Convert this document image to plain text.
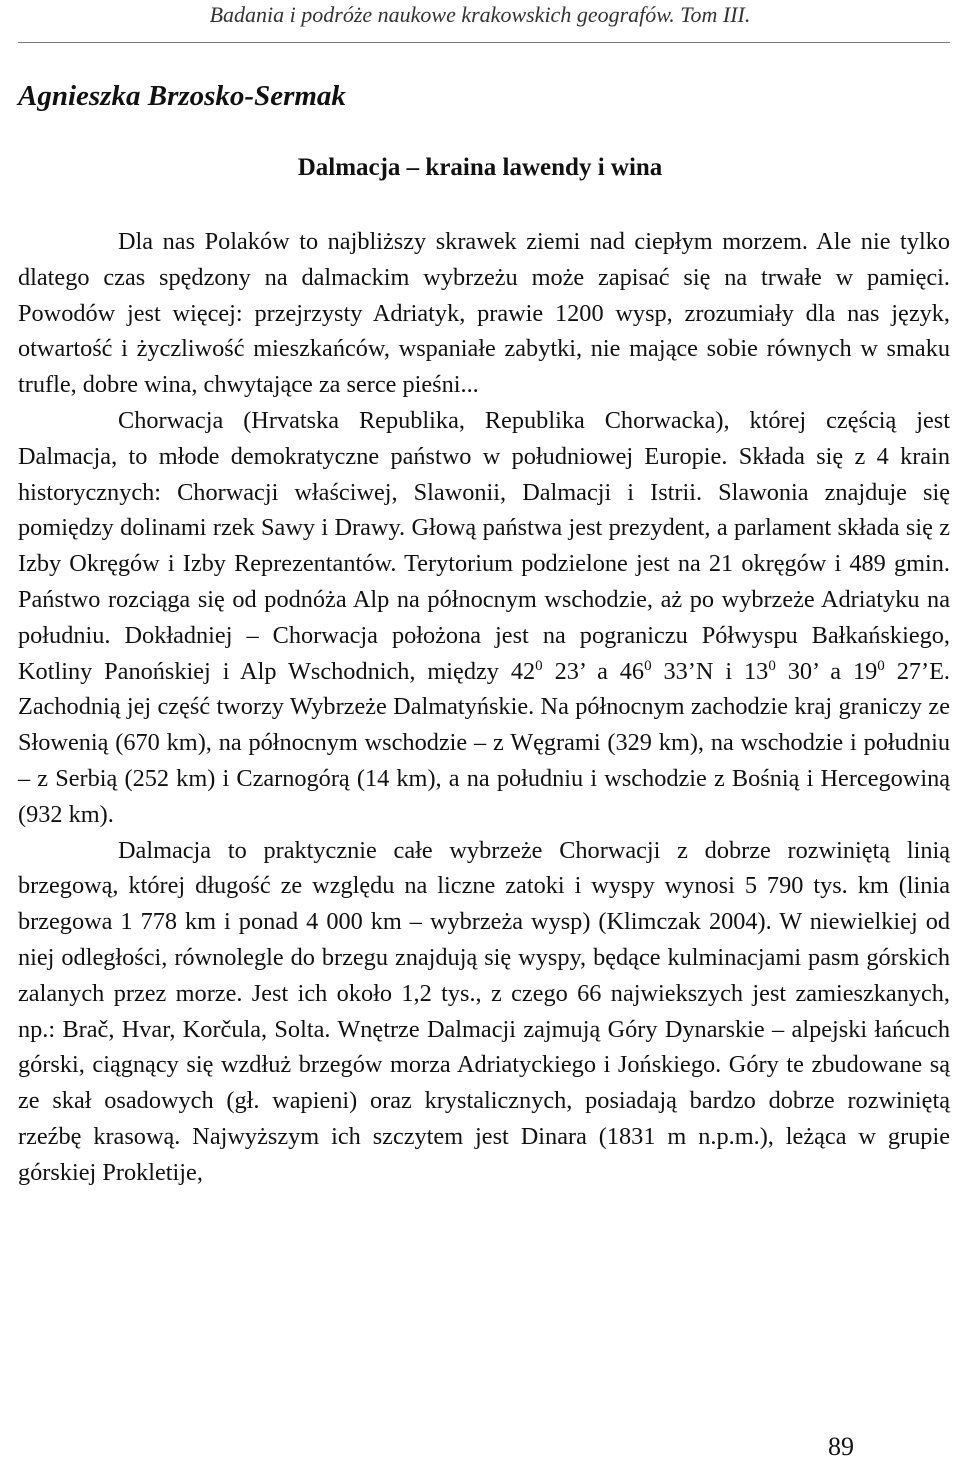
Badania i podróże naukowe krakowskich geografów. Tom III.
Agnieszka Brzosko-Sermak
Dalmacja – kraina lawendy i wina

Dla nas Polaków to najbliższy skrawek ziemi nad ciepłym morzem. Ale nie tylko dlatego czas spędzony na dalmackim wybrzeżu może zapisać się na trwałe w pamięci. Powodów jest więcej: przejrzysty Adriatyk, prawie 1200 wysp, zrozumiały dla nas język, otwartość i życzliwość mieszkańców, wspaniałe zabytki, nie mające sobie równych w smaku trufle, dobre wina, chwytające za serce pieśni...

Chorwacja (Hrvatska Republika, Republika Chorwacka), której częścią jest Dalmacja, to młode demokratyczne państwo w południowej Europie. Składa się z 4 krain historycznych: Chorwacji właściwej, Slawonii, Dalmacji i Istrii. Slawonia znajduje się pomiędzy dolinami rzek Sawy i Drawy. Głową państwa jest prezydent, a parlament składa się z Izby Okręgów i Izby Reprezentantów. Terytorium podzielone jest na 21 okręgów i 489 gmin. Państwo rozciąga się od podnóża Alp na północnym wschodzie, aż po wybrzeże Adriatyku na południu. Dokładniej – Chorwacja położona jest na pograniczu Półwyspu Bałkańskiego, Kotliny Panońskiej i Alp Wschodnich, między $42^0$ 23’ a $46^0$ 33’N i $13^0$ 30’ a $19^0$ 27’E. Zachodnią jej część tworzy Wybrzeże Dalmatyńskie. Na północnym zachodzie kraj graniczy ze Słowenią (670 km), na północnym wschodzie – z Węgrami (329 km), na wschodzie i południu – z Serbią (252 km) i Czarnogórą (14 km), a na południu i wschodzie z Bośnią i Hercegowiną (932 km).

Dalmacja to praktycznie całe wybrzeże Chorwacji z dobrze rozwiniętą linią brzegową, której długość ze względu na liczne zatoki i wyspy wynosi 5 790 tys. km (linia brzegowa 1 778 km i ponad 4 000 km – wybrzeża wysp) (Klimczak 2004). W niewielkiej od niej odległości, równolegle do brzegu znajdują się wyspy, będące kulminacjami pasm górskich zalanych przez morze. Jest ich około 1,2 tys., z czego 66 najwiekszych jest zamieszkanych, np.: Brač, Hvar, Korčula, Solta. Wnętrze Dalmacji zajmują Góry Dynarskie – alpejski łańcuch górski, ciągnący się wzdłuż brzegów morza Adriatyckiego i Jońskiego. Góry te zbudowane są ze skał osadowych (gł. wapieni) oraz krystalicznych, posiadają bardzo dobrze rozwiniętą rzeźbę krasową. Najwyższym ich szczytem jest Dinara (1831 m n.p.m.), leżąca w grupie górskiej Prokletije,

89
